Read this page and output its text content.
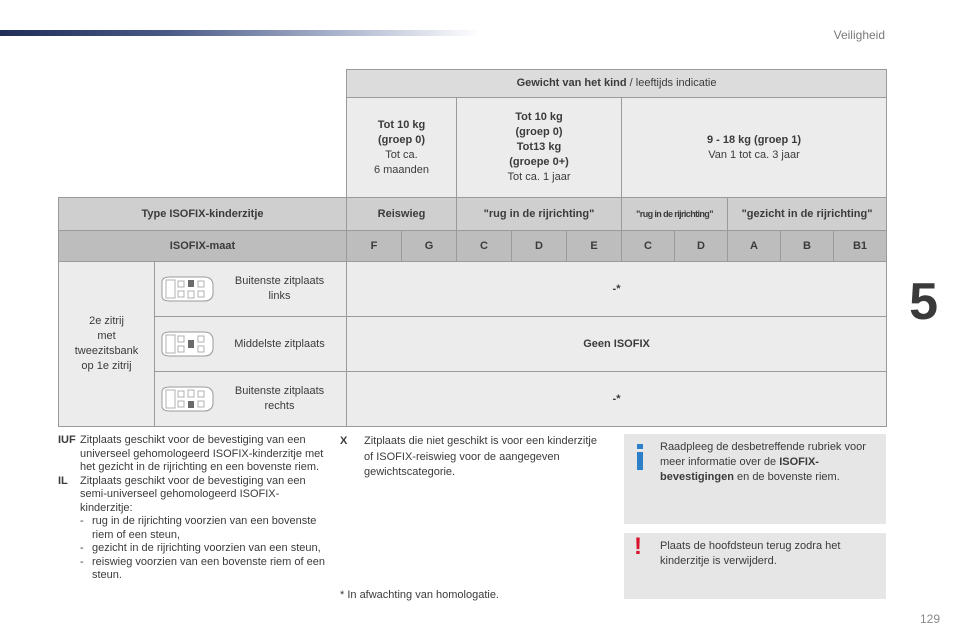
Veiligheid
5
129
		Gewicht van het kind / leeftijds indicatie									
		Tot 10 kg
(groep 0)
Tot ca.
6 maanden		Tot 10 kg
(groep 0)
Tot13 kg
(groepe 0+)
Tot ca. 1 jaar			9 - 18 kg (groep 1)
Van 1 tot ca. 3 jaar				
Type ISOFIX-kinderzitje		Reiswieg		"rug in de rijrichting"			"rug in de rijrichting"		"gezicht in de rijrichting"		
ISOFIX-maat		F	G	C	D	E	C	D	A	B	B1
2e zitrij
met
tweezitsbank
op 1e zitrij	Buitenste zitplaats
links	-*									

	Middelste zitplaats	Geen ISOFIX									

	Buitenste zitplaats
rechts	-*									
IUF Zitplaats geschikt voor de bevestiging van een universeel gehomologeerd ISOFIX-kinderzitje met het gezicht in de rijrichting en een bovenste riem.
IL	Zitplaats geschikt voor de bevestiging van een semi-universeel gehomologeerd ISOFIX-kinderzitje:
- rug in de rijrichting voorzien van een bovenste riem of een steun,
- gezicht in de rijrichting voorzien van een steun,
- reiswieg voorzien van een bovenste riem of een steun.
X	Zitplaats die niet geschikt is voor een kinderzitje of ISOFIX-reiswieg voor de aangegeven gewichtscategorie.
* In afwachting van homologatie.
Raadpleeg de desbetreffende rubriek voor meer informatie over de ISOFIX-bevestigingen en de bovenste riem.
! Plaats de hoofdsteun terug zodra het kinderzitje is verwijderd.
